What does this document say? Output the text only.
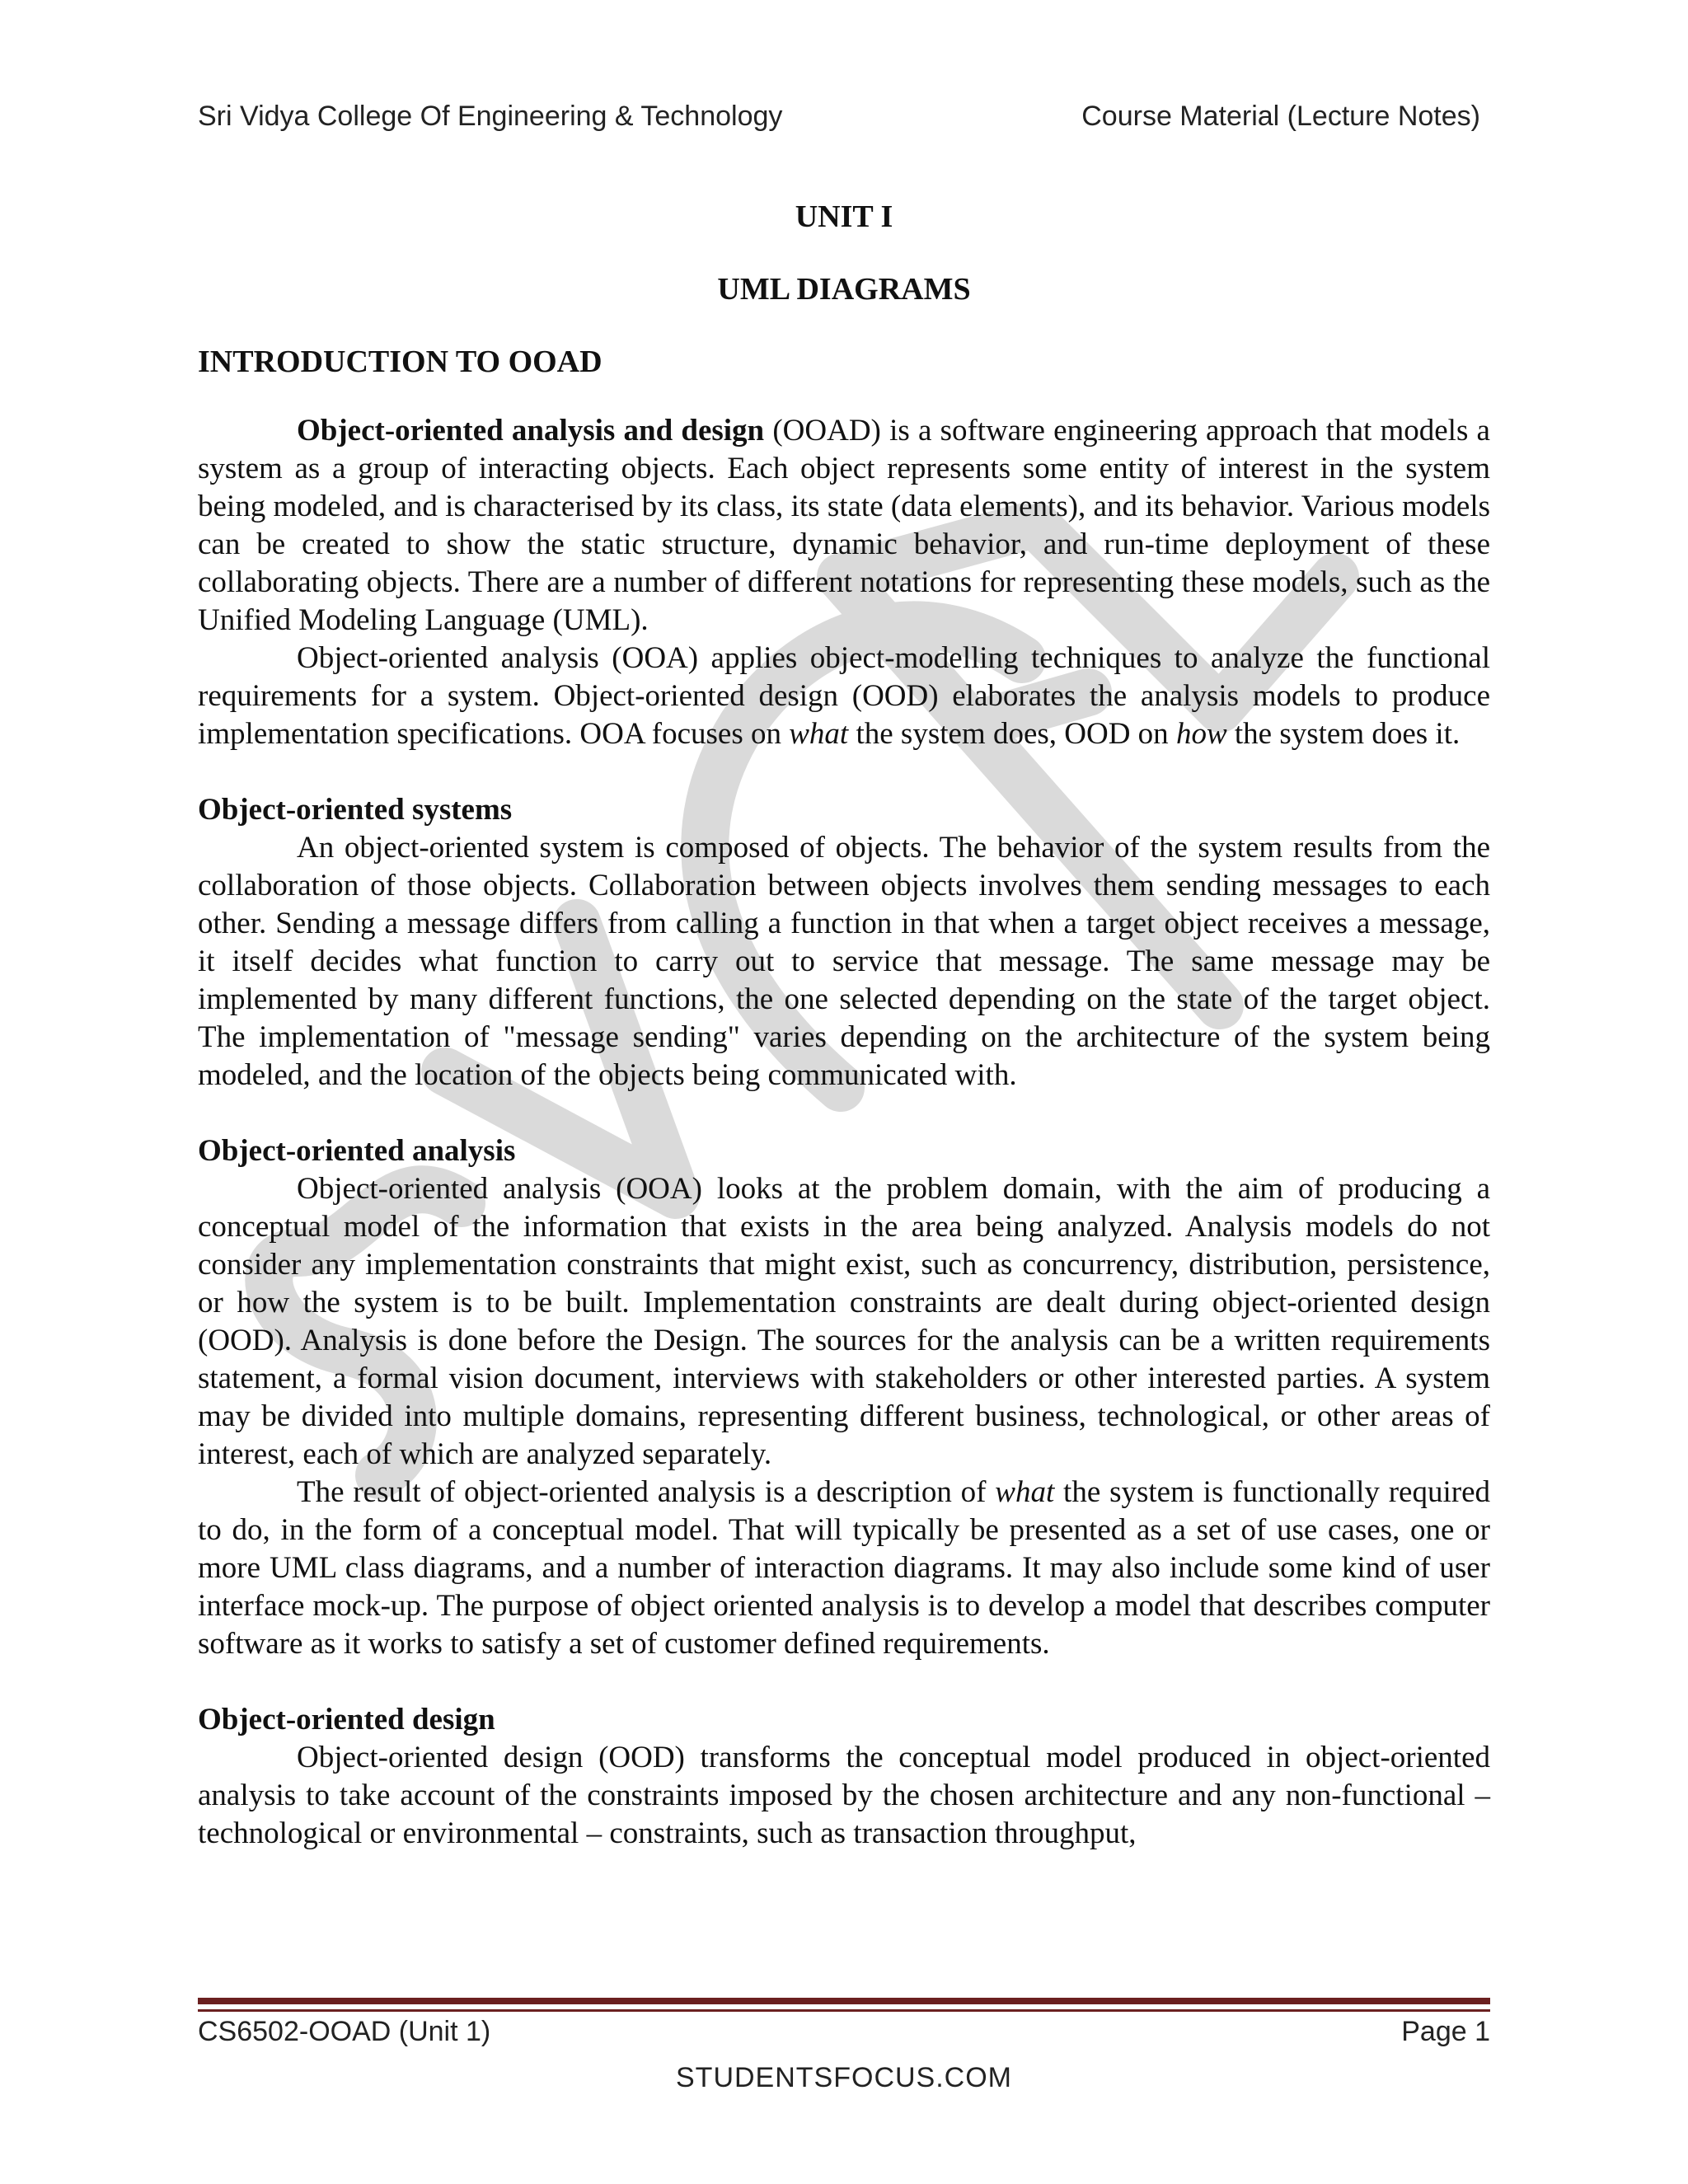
Sri Vidya College Of Engineering & Technology	Course Material (Lecture Notes)
UNIT I
UML DIAGRAMS
INTRODUCTION TO OOAD

Object-oriented analysis and design (OOAD) is a software engineering approach that models a system as a group of interacting objects. Each object represents some entity of interest in the system being modeled, and is characterised by its class, its state (data elements), and its behavior. Various models can be created to show the static structure, dynamic behavior, and run-time deployment of these collaborating objects. There are a number of different notations for representing these models, such as the Unified Modeling Language (UML).

Object-oriented analysis (OOA) applies object-modelling techniques to analyze the functional requirements for a system. Object-oriented design (OOD) elaborates the analysis models to produce implementation specifications. OOA focuses on what the system does, OOD on how the system does it.

Object-oriented systems

An object-oriented system is composed of objects. The behavior of the system results from the collaboration of those objects. Collaboration between objects involves them sending messages to each other. Sending a message differs from calling a function in that when a target object receives a message, it itself decides what function to carry out to service that message. The same message may be implemented by many different functions, the one selected depending on the state of the target object. The implementation of "message sending" varies depending on the architecture of the system being modeled, and the location of the objects being communicated with.

Object-oriented analysis

Object-oriented analysis (OOA) looks at the problem domain, with the aim of producing a conceptual model of the information that exists in the area being analyzed. Analysis models do not consider any implementation constraints that might exist, such as concurrency, distribution, persistence, or how the system is to be built. Implementation constraints are dealt during object-oriented design (OOD). Analysis is done before the Design. The sources for the analysis can be a written requirements statement, a formal vision document, interviews with stakeholders or other interested parties. A system may be divided into multiple domains, representing different business, technological, or other areas of interest, each of which are analyzed separately.

The result of object-oriented analysis is a description of what the system is functionally required to do, in the form of a conceptual model. That will typically be presented as a set of use cases, one or more UML class diagrams, and a number of interaction diagrams. It may also include some kind of user interface mock-up. The purpose of object oriented analysis is to develop a model that describes computer software as it works to satisfy a set of customer defined requirements.

Object-oriented design

Object-oriented design (OOD) transforms the conceptual model produced in object-oriented analysis to take account of the constraints imposed by the chosen architecture and any non-functional – technological or environmental – constraints, such as transaction throughput,

CS6502-OOAD (Unit 1)	Page 1
STUDENTSFOCUS.COM
